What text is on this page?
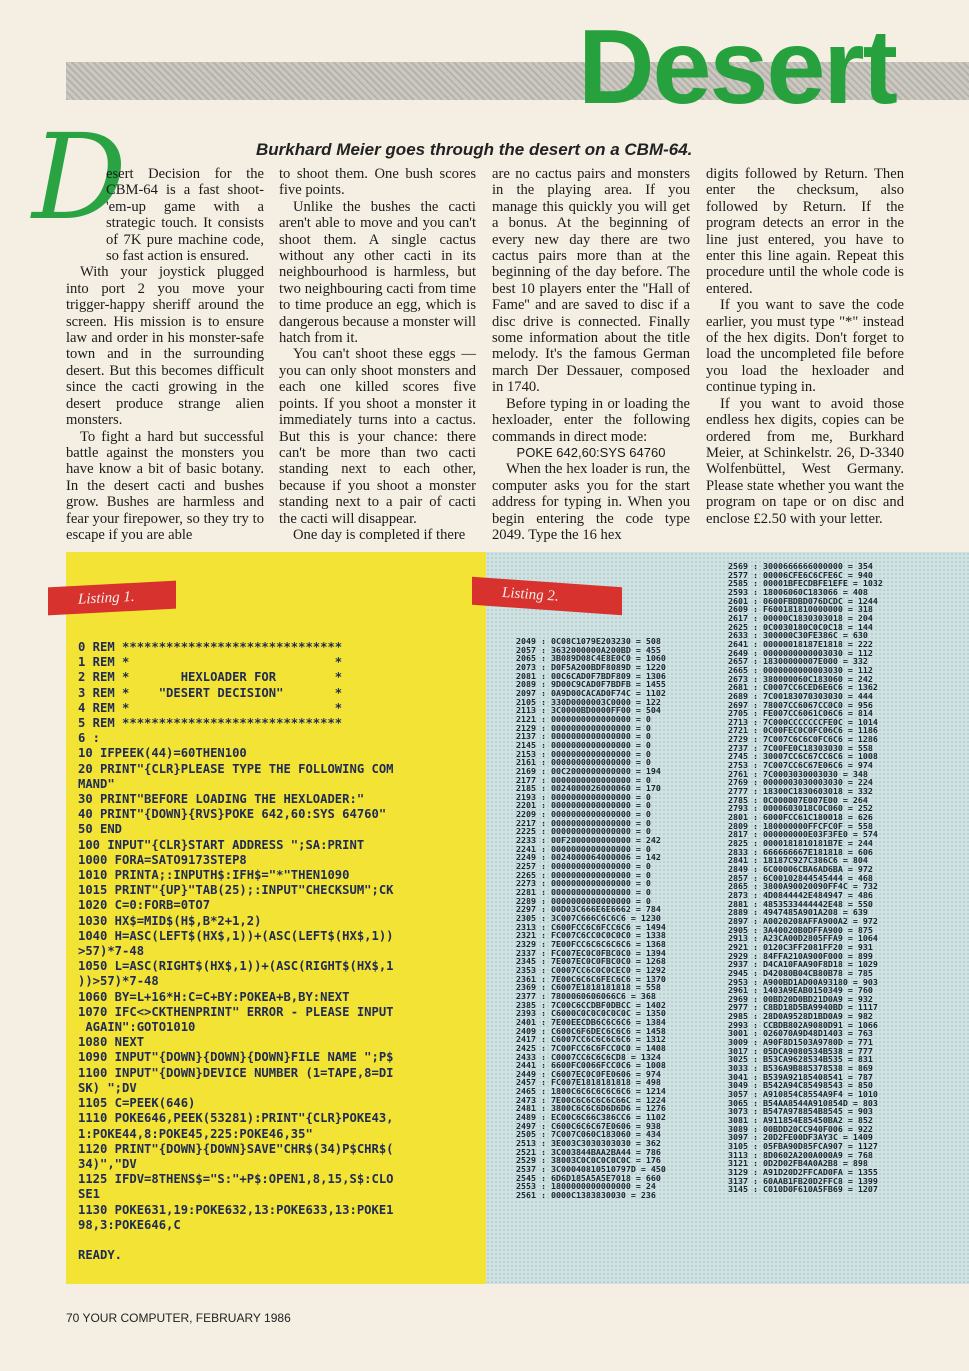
Desert
Burkhard Meier goes through the desert on a CBM-64.
D

esert Decision for the CBM-64 is a fast shoot-'em-up game with a strategic touch. It consists of 7K pure machine code, so fast action is ensured.

With your joystick plugged into port 2 you move your trigger-happy sheriff around the screen. His mission is to ensure law and order in his monster-safe town and in the surrounding desert. But this becomes difficult since the cacti growing in the desert produce strange alien monsters.

To fight a hard but successful battle against the monsters you have know a bit of basic botany. In the desert cacti and bushes grow. Bushes are harmless and fear your firepower, so they try to escape if you are able

to shoot them. One bush scores five points.

Unlike the bushes the cacti aren't able to move and you can't shoot them. A single cactus without any other cacti in its neighbourhood is harmless, but two neighbouring cacti from time to time produce an egg, which is dangerous because a monster will hatch from it.

You can't shoot these eggs — you can only shoot monsters and each one killed scores five points. If you shoot a monster it immediately turns into a cactus. But this is your chance: there can't be more than two cacti standing next to each other, because if you shoot a monster standing next to a pair of cacti the cacti will disappear.

One day is completed if there

are no cactus pairs and monsters in the playing area. If you manage this quickly you will get a bonus. At the beginning of every new day there are two cactus pairs more than at the beginning of the day before. The best 10 players enter the ''Hall of Fame'' and are saved to disc if a disc drive is connected. Finally some information about the title melody. It's the famous German march Der Dessauer, composed in 1740.

Before typing in or loading the hexloader, enter the following commands in direct mode:

POKE 642,60:SYS 64760

When the hex loader is run, the computer asks you for the start address for typing in. When you begin entering the code type 2049. Type the 16 hex

digits followed by Return. Then enter the checksum, also followed by Return. If the program detects an error in the line just entered, you have to enter this line again. Repeat this procedure until the whole code is entered.

If you want to save the code earlier, you must type "*" instead of the hex digits. Don't forget to load the uncompleted file before you load the hexloader and continue typing in.

If you want to avoid those endless hex digits, copies can be ordered from me, Burkhard Meier, at Schinkelstr. 26, D-3340 Wolfenbüttel, West Germany. Please state whether you want the program on tape or on disc and enclose £2.50 with your letter.

Listing 1.	Listing 2.
0 REM ******************************
1 REM *                            *
2 REM *       HEXLOADER FOR        *
3 REM *    "DESERT DECISION"       *
4 REM *                            *
5 REM ******************************
6 :
10 IFPEEK(44)=60THEN100
20 PRINT"{CLR}PLEASE TYPE THE FOLLOWING COM
MAND"
30 PRINT"BEFORE LOADING THE HEXLOADER:"
40 PRINT"{DOWN}{RVS}POKE 642,60:SYS 64760"
50 END
100 INPUT"{CLR}START ADDRESS ";SA:PRINT
1000 FORA=SATO9173STEP8
1010 PRINTA;:INPUTH$:IFH$="*"THEN1090
1015 PRINT"{UP}"TAB(25);:INPUT"CHECKSUM";CK
1020 C=0:FORB=0TO7
1030 HX$=MID$(H$,B*2+1,2)
1040 H=ASC(LEFT$(HX$,1))+(ASC(LEFT$(HX$,1))
>57)*7-48
1050 L=ASC(RIGHT$(HX$,1))+(ASC(RIGHT$(HX$,1
))>57)*7-48
1060 BY=L+16*H:C=C+BY:POKEA+B,BY:NEXT
1070 IFC<>CKTHENPRINT" ERROR - PLEASE INPUT
AGAIN":GOTO1010
1080 NEXT
1090 INPUT"{DOWN}{DOWN}{DOWN}FILE NAME ";P$
1100 INPUT"{DOWN}DEVICE NUMBER (1=TAPE,8=DI
SK) ";DV
1105 C=PEEK(646)
1110 POKE646,PEEK(53281):PRINT"{CLR}POKE43,
1:POKE44,8:POKE45,225:POKE46,35"
1120 PRINT"{DOWN}{DOWN}SAVE"CHR$(34)P$CHR$(
34)","DV
1125 IFDV=8THENS$="S:"+P$:OPEN1,8,15,S$:CLO
SE1
1130 POKE631,19:POKE632,13:POKE633,13:POKE1
98,3:POKE646,C

READY.
2049 : 0C08C1079E203230 = 508
2057 : 3632000000A200BD = 455
2065 : 3B089D08C4E8E0C0 = 1060
2073 : D0F5A200BDF8089D = 1220
2081 : 00C6CAD0F7BDF809 = 1306
2089 : 9D00C9CAD0F7BDFB = 1455
2097 : 0A9D00CACAD0F74C = 1102
2105 : 330D0000003C0000 = 122
2113 : 3C0000BD0000FF00 = 504
2121 : 0000000000000000 = 0
2129 : 0000000000000000 = 0
2137 : 0000000000000000 = 0
2145 : 0000000000000000 = 0
2153 : 0000000000000000 = 0
2161 : 0000000000000000 = 0
2169 : 00C2000000000000 = 194
2177 : 0000000000000000 = 0
2185 : 0024000026000060 = 170
2193 : 0000000000000000 = 0
2201 : 0000000000000000 = 0
2209 : 0000000000000000 = 0
2217 : 0000000000000000 = 0
2225 : 0000000000000000 = 0
2233 : 00F2000000000000 = 242
2241 : 0000000000000000 = 0
2249 : 0024000064000006 = 142
2257 : 0000000000000000 = 0
2265 : 0000000000000000 = 0
2273 : 0000000000000000 = 0
2281 : 0000000000000000 = 0
2289 : 0000000000000000 = 0
2297 : 00D03C666E6E6662 = 784
2305 : 3C007C666C6C6C6 = 1230
2313 : C600FCC6C6FCC6C6 = 1494
2321 : FC007C6CC0C0C0C0 = 1338
2329 : 7E00FCC6C6C6C6C6 = 1368
2337 : FC007EC0C0FBC0C0 = 1394
2345 : 7E007EC0C0FBC0C0 = 1268
2353 : C0007CC6C0C0CEC0 = 1292
2361 : 7E00C6C6C6FEC6C6 = 1370
2369 : C6007E1818181818 = 558
2377 : 7800060606066C6 = 368
2385 : 7C00C6CCDBF0DBCC = 1402
2393 : C6000C0C0C0C0C0C = 1350
2401 : 7E00EECDB6C6C6C6 = 1384
2409 : C600C6F6DEC6C6C6 = 1458
2417 : C6007CC6C6C6C6C6 = 1312
2425 : 7C00FCC6C6FCC0C0 = 1408
2433 : C0007CC6C6C6CD8 = 1324
2441 : 6600FC0066FCC0C6 = 1008
2449 : C6007EC0C0FE0606 = 974
2457 : FC007E1818181818 = 498
2465 : 1800C6C6C6C6C6C6 = 1214
2473 : 7E00C6C6C6C6C66C = 1224
2481 : 3800C6C6C6D6D6D6 = 1276
2489 : EC00C6C66C386CC6 = 1102
2497 : C600C6C6C67E0606 = 938
2505 : 7C007C060C183060 = 434
2513 : 3E003C3030303030 = 362
2521 : 3C003844BAA2BA44 = 786
2529 : 38003C0C0C0C0C0C = 176
2537 : 3C00040810510797D = 450
2545 : 6D6D185A5A5E7018 = 660
2553 : 1800000000000000 = 24
2561 : 0000C1383830030 = 236
2569 : 3000666666000000 = 354
2577 : 00006CFE6C6CFE6C = 940
2585 : 00001BFECDBFE1EFE = 1032
2593 : 18006060C183066 = 408
2601 : 0600FBDBD076DCDC = 1244
2609 : F600181810000000 = 318
2617 : 00000C1830303018 = 204
2625 : 0C0030180C0C0C18 = 144
2633 : 300000C30FE386C = 630
2641 : 00000018187E1818 = 222
2649 : 0000000000003030 = 112
2657 : 18300000007E000 = 332
2665 : 0000000000003030 = 112
2673 : 380000060C183060 = 242
2681 : C0007CC6CED6E6C6 = 1362
2689 : 7C00183070303030 = 444
2697 : 78007CC6067CC0C0 = 956
2705 : FE007CC6061C06C6 = 814
2713 : 7C000CCCCCCCFE0C = 1014
2721 : 0C00FEC0C0FC06C6 = 1186
2729 : 7C007C6C6C0FC6C6 = 1286
2737 : 7C00FE0C18303030 = 558
2745 : 30007CC6C67CC6C6 = 1008
2753 : 7C007CC6C67E06C6 = 974
2761 : 7C0003030003030 = 348
2769 : 0000003030003030 = 224
2777 : 18300C1830603018 = 332
2785 : 0C000007E007E00 = 264
2793 : 0000603018C0C060 = 252
2801 : 6000FCC61C180018 = 626
2809 : 180000000FFCFC0F = 558
2817 : 000000000E03F3FE0 = 574
2825 : 0000181810181B7E = 244
2833 : 666666667E181818 = 606
2841 : 18187C927C386C6 = 804
2849 : 6C00006CBA6AD6BA = 972
2857 : 6C00102844545444 = 468
2865 : 3800A90020090FF4C = 732
2873 : 4D0844442E484947 = 486
2881 : 4853533444442E48 = 550
2889 : 4947485A901A208 = 639
2897 : A0020208AFFA900A2 = 972
2905 : 3A40020B0DFFA900 = 875
2913 : A23CA00D2805FFA9 = 1064
2921 : 0120C3FF2081FF20 = 931
2929 : 84FFA210A900F000 = 899
2937 : D4CA10FAA90F8D18 = 1029
2945 : D42080B04CB80B78 = 785
2953 : A900BD1AD00A93180 = 903
2961 : 1403A9EAB0150349 = 760
2969 : 00BD20D0BD21D0A9 = 932
2977 : C8BD18D5BA9940BD = 1117
2985 : 28D0A9528D1BD0A9 = 982
2993 : CCBDB802A9080D91 = 1066
3001 : 026070A9D48D1403 = 763
3009 : A90F8D1503A9780D = 771
3017 : 05DCA9080534B538 = 777
3025 : B53CA9628534B535 = 831
3033 : B536A9B885378538 = 869
3041 : B539A92185408541 = 787
3049 : B542A94C85498543 = 850
3057 : A910854C8554A9F4 = 1010
3065 : B54AA8544A910854D = 803
3073 : B547A978854B8545 = 903
3081 : A911854E85450BA2 = 852
3089 : 00BDD20CC940F006 = 922
3097 : 20D2FE00DF3AY3C = 1409
3105 : 05FBA90D85FCA907 = 1127
3113 : 8D0602A200A000A9 = 768
3121 : 0D2D02FB4A0A2B8 = 898
3129 : A91D20D2FFCAD0FA = 1355
3137 : 60AAB1FB20D2FFC8 = 1399
3145 : C010D0F610A5FB69 = 1207
70 YOUR COMPUTER, FEBRUARY 1986
